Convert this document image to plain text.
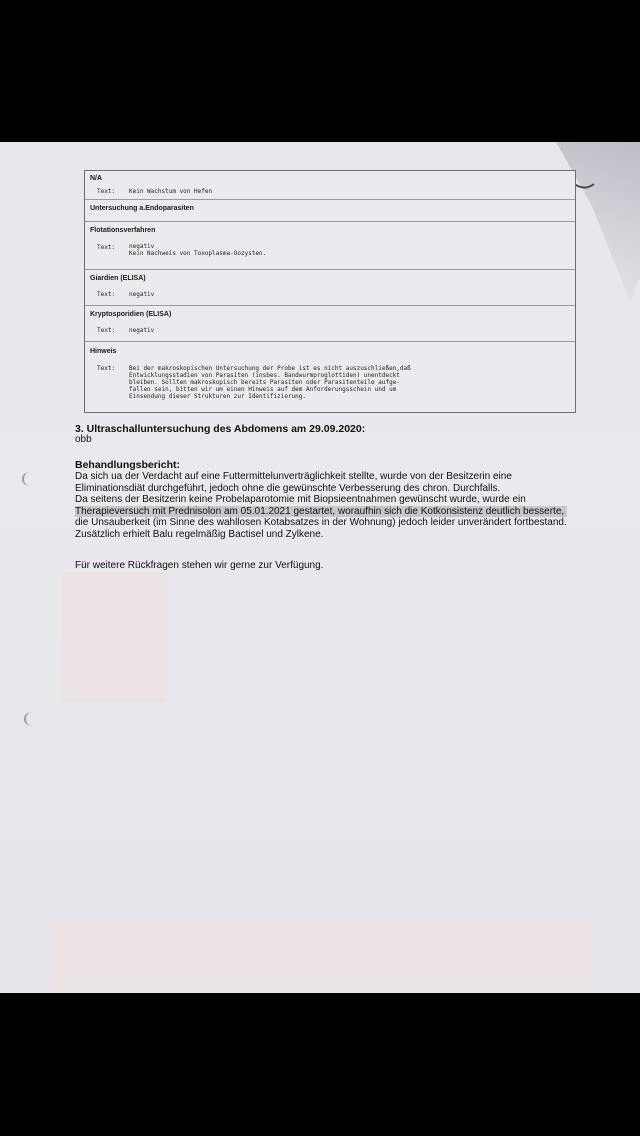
N/A
Text: Kein Wachstum von Hefen
Untersuchung a.Endoparasiten
Flotationsverfahren
Text: negativ
Kein Nachweis von Toxoplasma-Oozysten.
Giardien (ELISA)
Text: negativ
Kryptosporidien (ELISA)
Text: negativ
Hinweis
Text: Bei der makroskopischen Untersuchung der Probe ist es nicht auszuschließen,daß
Entwicklungsstadien von Parasiten (insbes. Bandwurmproglottiden) unentdeckt
bleiben. Sollten makroskopisch bereits Parasiten oder Parasitenteile aufge-
fallen sein, bitten wir um einen Hinweis auf dem Anforderungsschein und um
Einsendung dieser Strukturen zur Identifizierung.
3. Ultraschalluntersuchung des Abdomens am 29.09.2020:
obb
Behandlungsbericht:
Da sich ua der Verdacht auf eine Futtermittelunverträglichkeit stellte, wurde von der Besitzerin eine
Eliminationsdiät durchgeführt, jedoch ohne die gewünschte Verbesserung des chron. Durchfalls.
Da seitens der Besitzerin keine Probelaparotomie mit Biopsieentnahmen gewünscht wurde, wurde ein
Therapieversuch mit Prednisolon am 05.01.2021 gestartet, woraufhin sich die Kotkonsistenz deutlich besserte,
die Unsauberkeit (im Sinne des wahllosen Kotabsatzes in der Wohnung) jedoch leider unverändert fortbestand.
Zusätzlich erhielt Balu regelmäßig Bactisel und Zylkene.
Für weitere Rückfragen stehen wir gerne zur Verfügung.
